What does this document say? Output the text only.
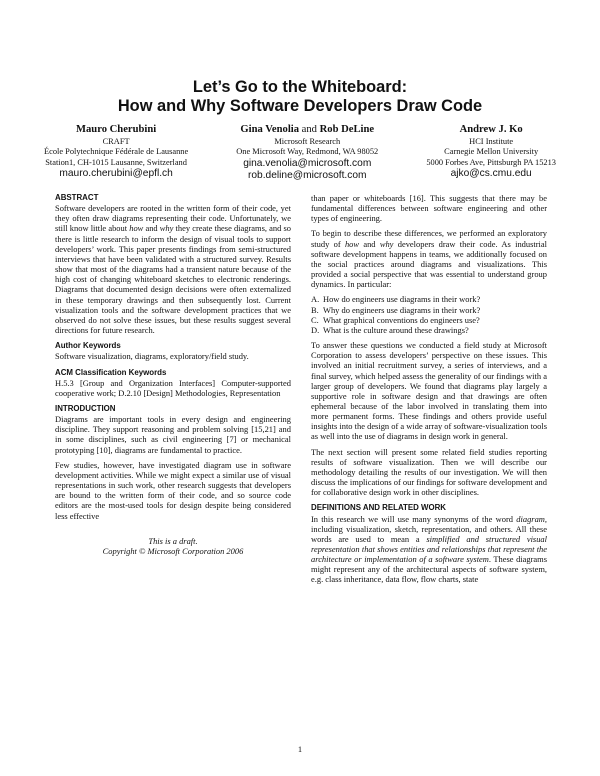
Let’s Go to the Whiteboard:
How and Why Software Developers Draw Code
Mauro Cherubini
CRAFT
École Polytechnique Fédérale de Lausanne
Station1, CH-1015 Lausanne, Switzerland
mauro.cherubini@epfl.ch
Gina Venolia and Rob DeLine
Microsoft Research
One Microsoft Way, Redmond, WA 98052
gina.venolia@microsoft.com
rob.deline@microsoft.com
Andrew J. Ko
HCI Institute
Carnegie Mellon University
5000 Forbes Ave, Pittsburgh PA 15213
ajko@cs.cmu.edu
ABSTRACT

Software developers are rooted in the written form of their code, yet they often draw diagrams representing their code. Unfortunately, we still know little about how and why they create these diagrams, and so there is little research to inform the design of visual tools to support developers’ work. This paper presents findings from semi-structured interviews that have been validated with a structured survey. Results show that most of the diagrams had a transient nature because of the high cost of changing whiteboard sketches to electronic renderings. Diagrams that documented design decisions were often externalized in these temporary drawings and then subsequently lost. Current visualization tools and the software development practices that we observed do not solve these issues, but these results suggest several directions for future research.

Author Keywords

Software visualization, diagrams, exploratory/field study.

ACM Classification Keywords

H.5.3 [Group and Organization Interfaces] Computer-supported cooperative work; D.2.10 [Design] Methodologies, Representation

INTRODUCTION

Diagrams are important tools in every design and engineering discipline. They support reasoning and problem solving [15,21] and in some disciplines, such as civil engineering [7] or mechanical prototyping [10], diagrams are fundamental to practice.

Few studies, however, have investigated diagram use in software development activities. While we might expect a similar use of visual representations in such work, other research suggests that developers are bound to the written form of their code, and so source code editors are the most-used tools for design despite being considered less effective

This is a draft.

Copyright © Microsoft Corporation 2006

than paper or whiteboards [16]. This suggests that there may be fundamental differences between software engineering and other types of engineering.

To begin to describe these differences, we performed an exploratory study of how and why developers draw their code. As industrial software development happens in teams, we additionally focused on the social practices around diagrams and visualizations. This provided a social perspective that was essential to understand group dynamics. In particular:

A. How do engineers use diagrams in their work?

B. Why do engineers use diagrams in their work?

C. What graphical conventions do engineers use?

D. What is the culture around these drawings?

To answer these questions we conducted a field study at Microsoft Corporation to assess developers’ perspective on these issues. This involved an initial recruitment survey, a series of interviews, and a final survey, which helped assess the generality of our findings with a larger group of developers. We found that diagrams play largely a supportive role in software design and that drawings are often ephemeral because of the labor involved in translating them into more permanent forms. These findings and others provide useful insights into the design of a wide array of software-visualization tools as well into the use of diagrams in design work in general.

The next section will present some related field studies reporting results of software visualization. Then we will describe our methodology detailing the results of our investigation. We will then discuss the implications of our findings for software development and for collaborative design work in other disciplines.

DEFINITIONS AND RELATED WORK

In this research we will use many synonyms of the word diagram, including visualization, sketch, representation, and others. All these words are used to mean a simplified and structured visual representation that shows entities and relationships that represent the architecture or implementation of a software system. These diagrams might represent any of the architectural aspects of software system, e.g. class inheritance, data flow, flow charts, state

1
